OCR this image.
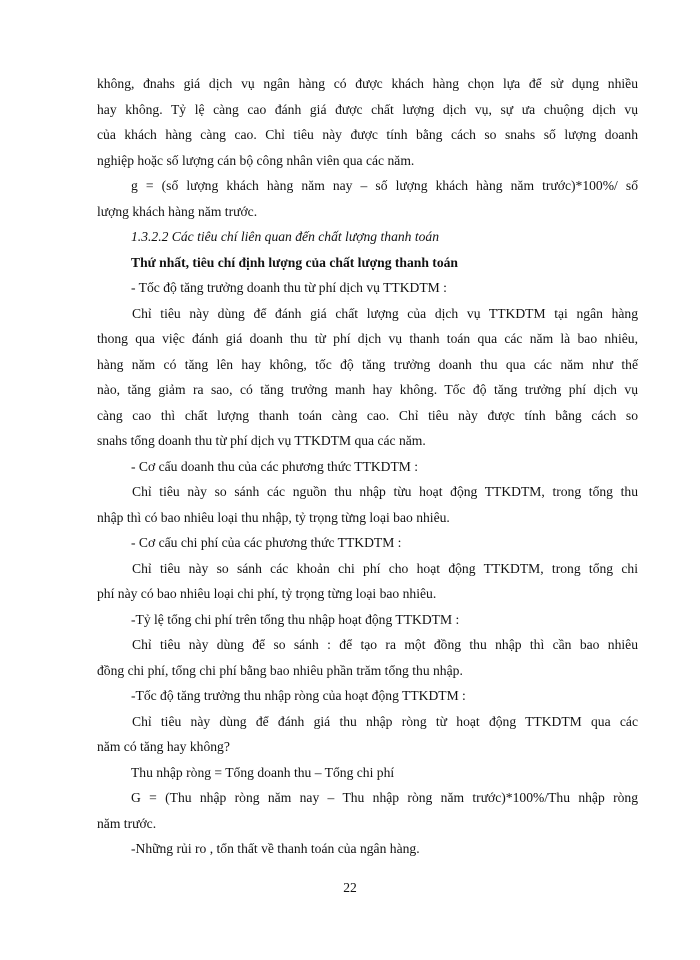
không, đnahs giá dịch vụ ngân hàng có được khách hàng chọn lựa để sử dụng nhiều

hay không. Tỷ lệ càng cao đánh giá được chất lượng dịch vụ, sự ưa chuộng dịch vụ

của khách hàng càng cao. Chỉ tiêu này được tính bằng cách so snahs số lượng doanh

nghiệp hoặc số lượng cán bộ công nhân viên qua các năm.

g = (số lượng khách hàng năm nay – số lượng khách hàng năm trước)*100%/ số

lượng khách hàng năm trước.

1.3.2.2 Các tiêu chí liên quan đến chất lượng thanh toán

Thứ nhất, tiêu chí định lượng của chất lượng thanh toán

- Tốc độ tăng trưởng doanh thu từ phí dịch vụ TTKDTM :

Chỉ tiêu này dùng để đánh giá chất lượng của dịch vụ TTKDTM tại ngân hàng

thong qua việc đánh giá doanh thu từ phí dịch vụ thanh toán qua các năm là bao nhiêu,

hàng năm có tăng lên hay không, tốc độ tăng trưởng doanh thu qua các năm như thế

nào, tăng giảm ra sao, có tăng trưởng manh hay không. Tốc độ tăng trưởng phí dịch vụ

càng cao thì chất lượng thanh toán càng cao. Chỉ tiêu này được tính bằng cách so

snahs tổng doanh thu từ phí dịch vụ TTKDTM qua các năm.

- Cơ cấu doanh thu của các phương thức TTKDTM :

Chỉ tiêu này so sánh các nguồn thu nhập từu hoạt động TTKDTM, trong tổng thu

nhập thì có bao nhiêu loại thu nhập, tỷ trọng từng loại bao nhiêu.

- Cơ cấu chi phí của các phương thức TTKDTM :

Chỉ tiêu này so sánh các khoản chi phí cho hoạt động TTKDTM, trong tổng chi

phí này có bao nhiêu loại chi phí, tỷ trọng từng loại bao nhiêu.

-Tỷ lệ tổng chi phí trên tổng thu nhập hoạt động TTKDTM :

Chỉ tiêu này dùng để so sánh : để tạo ra một đồng thu nhập thì cần bao nhiêu

đồng chi phí, tổng chi phí bằng bao nhiêu phần trăm tổng thu nhập.

-Tốc độ tăng trưởng thu nhập ròng của hoạt động TTKDTM :

Chỉ tiêu này dùng để đánh giá thu nhập ròng từ hoạt động TTKDTM qua các

năm có tăng hay không?

Thu nhập ròng = Tổng doanh thu – Tổng chi phí

G = (Thu nhập ròng năm nay – Thu nhập ròng năm trước)*100%/Thu nhập ròng

năm trước.

-Những rủi ro , tổn thất về thanh toán của ngân hàng.

22
